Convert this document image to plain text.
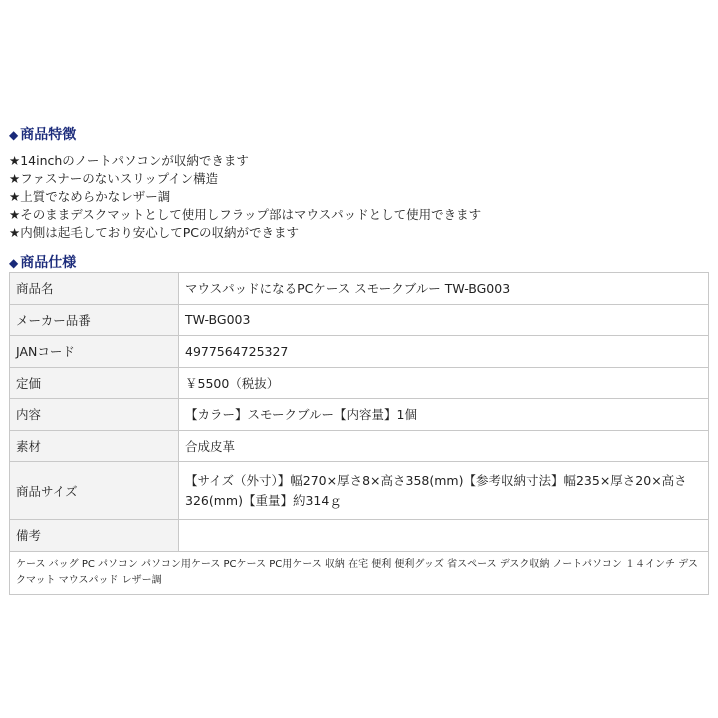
◆ 商品特徴
★14inchのノートパソコンが収納できます
★ファスナーのないスリップイン構造
★上質でなめらかなレザー調
★そのままデスクマットとして使用しフラップ部はマウスパッドとして使用できます
★内側は起毛しており安心してPCの収納ができます
◆ 商品仕様
商品名	マウスパッドになるPCケース スモークブルー TW-BG003
メーカー品番	TW-BG003
JANコード	4977564725327
定価	￥5500（税抜）
内容	【カラー】スモークブルー【内容量】1個
素材	合成皮革
商品サイズ	【サイズ（外寸）】幅270×厚さ8×高さ358(mm)【参考収納寸法】幅235×厚さ20×高さ326(mm)【重量】約314ｇ
備考	
ケース バッグ PC パソコン パソコン用ケース PCケース PC用ケース 収納 在宅 便利 便利グッズ 省スペース デスク収納 ノートパソコン １４インチ デスクマット マウスパッド レザー調	
